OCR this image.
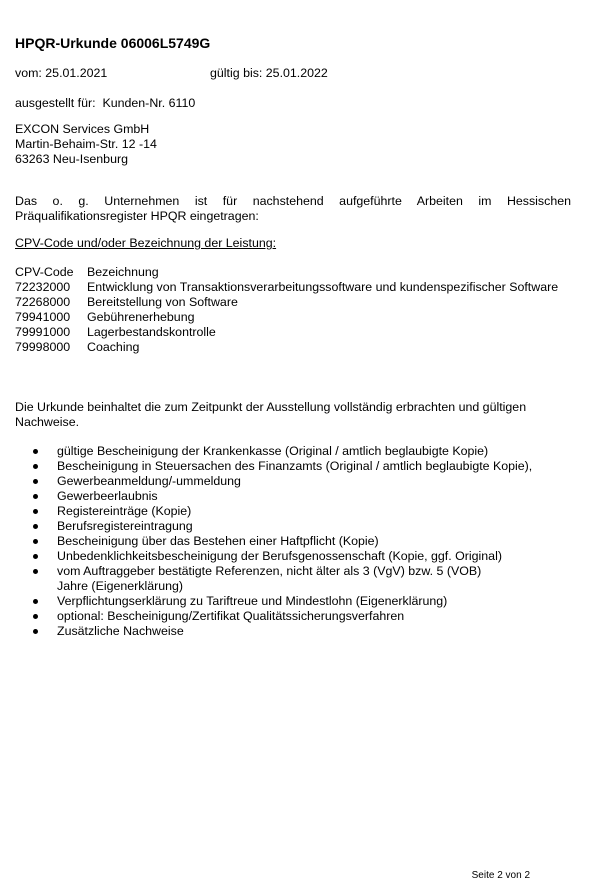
HPQR-Urkunde 06006L5749G
vom: 25.01.2021	gültig bis: 25.01.2022
ausgestellt für:  Kunden-Nr. 6110
EXCON Services GmbH
Martin-Behaim-Str. 12 -14
63263 Neu-Isenburg
Das o. g. Unternehmen ist für nachstehend aufgeführte Arbeiten im Hessischen Präqualifikationsregister HPQR eingetragen:
CPV-Code und/oder Bezeichnung der Leistung:
CPV-Code	Bezeichnung
72232000	Entwicklung von Transaktionsverarbeitungssoftware und kundenspezifischer Software
72268000	Bereitstellung von Software
79941000	Gebührenerhebung
79991000	Lagerbestandskontrolle
79998000	Coaching
Die Urkunde beinhaltet die zum Zeitpunkt der Ausstellung vollständig erbrachten und gültigen Nachweise.
gültige Bescheinigung der Krankenkasse (Original / amtlich beglaubigte Kopie)
Bescheinigung in Steuersachen des Finanzamts (Original / amtlich beglaubigte Kopie),
Gewerbeanmeldung/-ummeldung
Gewerbeerlaubnis
Registereinträge (Kopie)
Berufsregistereintragung
Bescheinigung über das Bestehen einer Haftpflicht (Kopie)
Unbedenklichkeitsbescheinigung der Berufsgenossenschaft (Kopie, ggf. Original)
vom Auftraggeber bestätigte Referenzen, nicht älter als 3 (VgV) bzw. 5 (VOB) Jahre (Eigenerklärung)
Verpflichtungserklärung zu Tariftreue und Mindestlohn (Eigenerklärung)
optional: Bescheinigung/Zertifikat Qualitätssicherungsverfahren
Zusätzliche Nachweise
Seite 2 von 2
